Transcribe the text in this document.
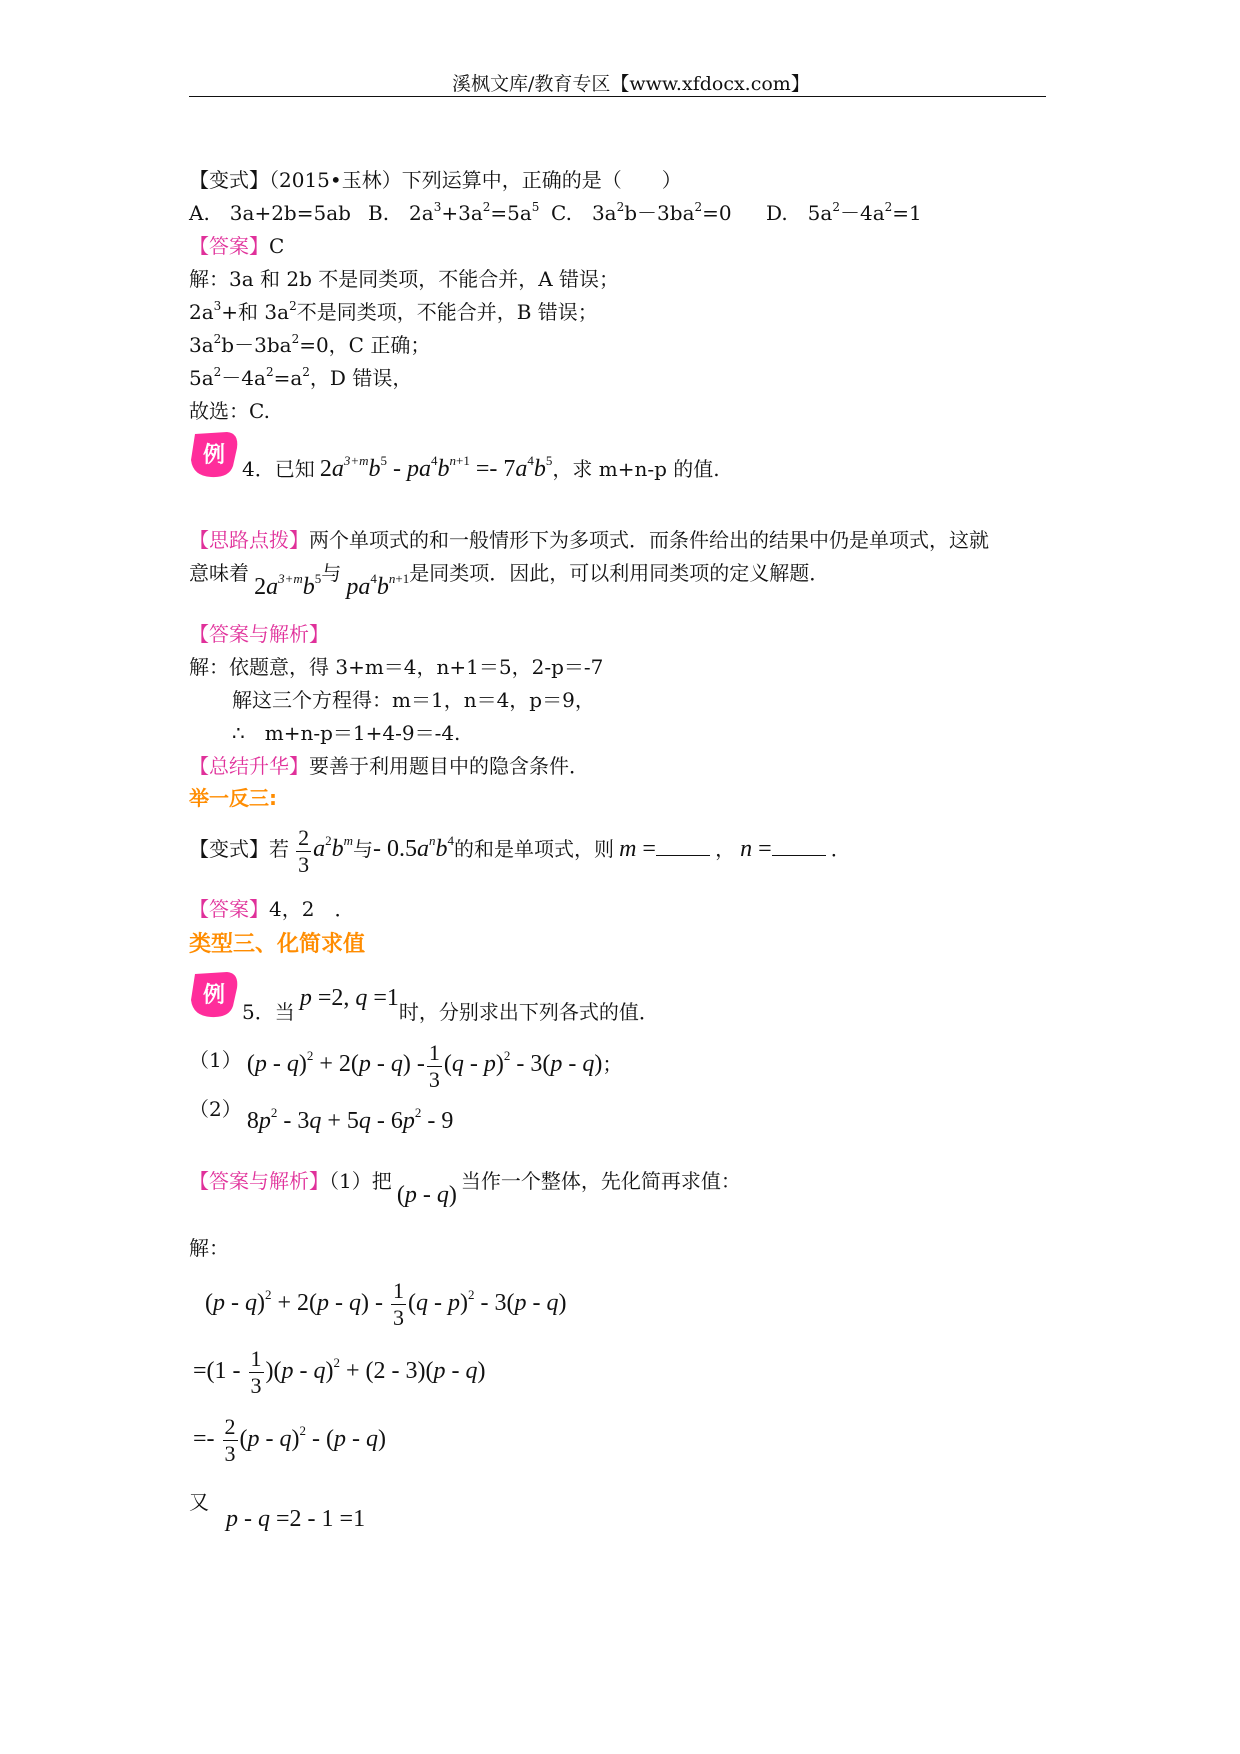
溪枫文库/教育专区【www.xfdocx.com】
【变式】（2015•玉林）下列运算中，正确的是（　　）
A.　3a+2b=5ab B.　$2a^3+3a^2=5a^5$ C.　$3a^2b-3ba^2=0$ D.　$5a^2-4a^2=1$
【答案】C
解：3a 和 2b 不是同类项，不能合并，A 错误；
$2a^3+$和 $3a^2$不是同类项，不能合并，B 错误；
$3a^2b-3ba^2=0$，C 正确；
$5a^2-4a^2=a^2$，D 错误，
故选：C.
例
4．已知 $2a^{3+m}b^5 - pa^4b^{n+1} =- 7a^4b^5$，求 m+n-p 的值.
【思路点拨】两个单项式的和一般情形下为多项式．而条件给出的结果中仍是单项式，这就
意味着 $2a^{3+m}b^5$与 $pa^4b^{n+1}$是同类项．因此，可以利用同类项的定义解题．
【答案与解析】
解：依题意，得 3+m＝4，n+1＝5，2-p＝-7
解这三个方程得：m＝1，n＝4，p＝9，
∴　m+n-p＝1+4-9＝-4.
【总结升华】要善于利用题目中的隐含条件．
举一反三:
【变式】若 $\frac{2}{3} a^2b^m$与- $0.5a^nb^4$的和是单项式，则 m =	， n =	．
【答案】4，2　．
类型三、化简求值
例
5．当 p =2, q =1时，分别求出下列各式的值．
（1） $(p - q)^2 + 2(p - q) - \frac{1}{3} (q - p)^2 - 3(p - q)$；
（2） $8p^2 - 3q + 5q - 6p^2 - 9$
【答案与解析】（1）把 (p - q)当作一个整体，先化简再求值：
解：
$(p - q)^2 + 2(p - q) - \frac{1}{3} (q - p)^2 - 3(p - q)$
$=(1 - \frac{1}{3} )(p - q)^2 + (2 - 3)(p - q)$
=- $\frac{2}{3} (p - q)^2 - (p - q)$
又
p - q =2 - 1 =1
